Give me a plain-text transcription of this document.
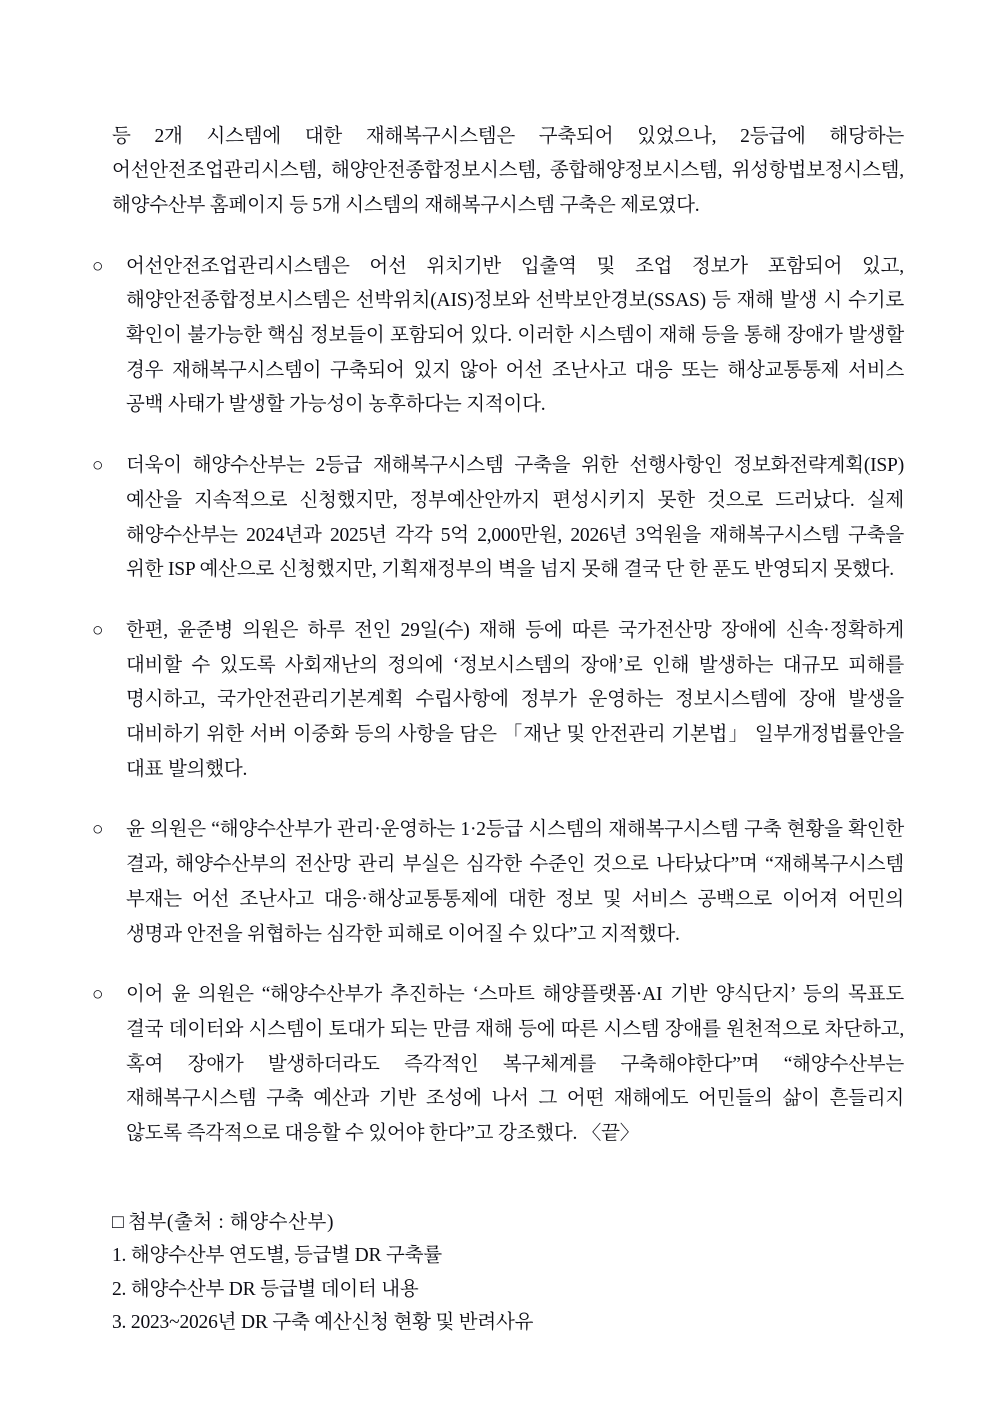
등 2개 시스템에 대한 재해복구시스템은 구축되어 있었으나, 2등급에 해당하는 어선안전조업관리시스템, 해양안전종합정보시스템, 종합해양정보시스템, 위성항법보정시스템, 해양수산부 홈페이지 등 5개 시스템의 재해복구시스템 구축은 제로였다.

○ 어선안전조업관리시스템은 어선 위치기반 입출역 및 조업 정보가 포함되어 있고, 해양안전종합정보시스템은 선박위치(AIS)정보와 선박보안경보(SSAS) 등 재해 발생 시 수기로 확인이 불가능한 핵심 정보들이 포함되어 있다. 이러한 시스템이 재해 등을 통해 장애가 발생할 경우 재해복구시스템이 구축되어 있지 않아 어선 조난사고 대응 또는 해상교통통제 서비스 공백 사태가 발생할 가능성이 농후하다는 지적이다.

○ 더욱이 해양수산부는 2등급 재해복구시스템 구축을 위한 선행사항인 정보화전략계획(ISP) 예산을 지속적으로 신청했지만, 정부예산안까지 편성시키지 못한 것으로 드러났다. 실제 해양수산부는 2024년과 2025년 각각 5억 2,000만원, 2026년 3억원을 재해복구시스템 구축을 위한 ISP 예산으로 신청했지만, 기획재정부의 벽을 넘지 못해 결국 단 한 푼도 반영되지 못했다.

○ 한편, 윤준병 의원은 하루 전인 29일(수) 재해 등에 따른 국가전산망 장애에 신속·정확하게 대비할 수 있도록 사회재난의 정의에 ‘정보시스템의 장애’로 인해 발생하는 대규모 피해를 명시하고, 국가안전관리기본계획 수립사항에 정부가 운영하는 정보시스템에 장애 발생을 대비하기 위한 서버 이중화 등의 사항을 담은 「재난 및 안전관리 기본법」 일부개정법률안을 대표 발의했다.

○ 윤 의원은 “해양수산부가 관리·운영하는 1·2등급 시스템의 재해복구시스템 구축 현황을 확인한 결과, 해양수산부의 전산망 관리 부실은 심각한 수준인 것으로 나타났다”며 “재해복구시스템 부재는 어선 조난사고 대응·해상교통통제에 대한 정보 및 서비스 공백으로 이어져 어민의 생명과 안전을 위협하는 심각한 피해로 이어질 수 있다”고 지적했다.

○ 이어 윤 의원은 “해양수산부가 추진하는 ‘스마트 해양플랫폼·AI 기반 양식단지’ 등의 목표도 결국 데이터와 시스템이 토대가 되는 만큼 재해 등에 따른 시스템 장애를 원천적으로 차단하고, 혹여 장애가 발생하더라도 즉각적인 복구체계를 구축해야한다”며 “해양수산부는 재해복구시스템 구축 예산과 기반 조성에 나서 그 어떤 재해에도 어민들의 삶이 흔들리지 않도록 즉각적으로 대응할 수 있어야 한다”고 강조했다. 〈끝〉

□ 첨부(출처 : 해양수산부)
1. 해양수산부 연도별, 등급별 DR 구축률
2. 해양수산부 DR 등급별 데이터 내용
3. 2023~2026년 DR 구축 예산신청 현황 및 반려사유
